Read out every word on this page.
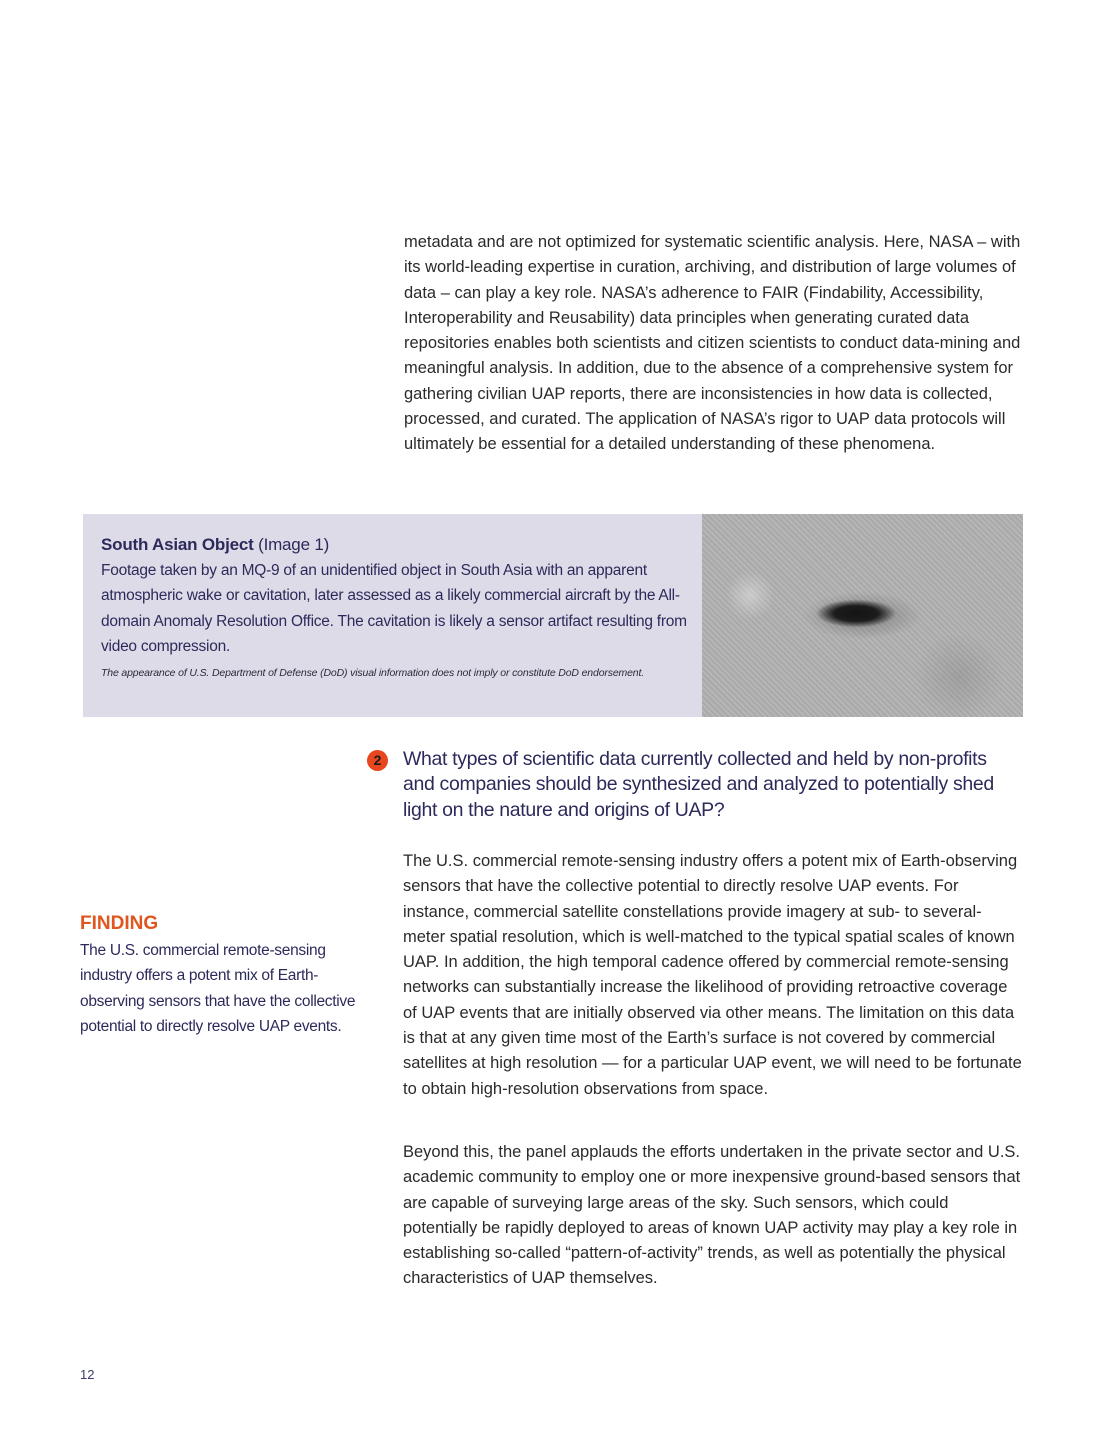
metadata and are not optimized for systematic scientific analysis. Here, NASA – with its world-leading expertise in curation, archiving, and distribution of large volumes of data – can play a key role. NASA’s adherence to FAIR (Findability, Accessibility, Interoperability and Reusability) data principles when generating curated data repositories enables both scientists and citizen scientists to conduct data-mining and meaningful analysis. In addition, due to the absence of a comprehensive system for gathering civilian UAP reports, there are inconsistencies in how data is collected, processed, and curated. The application of NASA’s rigor to UAP data protocols will ultimately be essential for a detailed understanding of these phenomena.

South Asian Object (Image 1)

Footage taken by an MQ-9 of an unidentified object in South Asia with an apparent atmospheric wake or cavitation, later assessed as a likely commercial aircraft by the All-domain Anomaly Resolution Office. The cavitation is likely a sensor artifact resulting from video compression.

The appearance of U.S. Department of Defense (DoD) visual information does not imply or constitute DoD endorsement.
2	What types of scientific data currently collected and held by non-profits and companies should be synthesized and analyzed to potentially shed light on the nature and origins of UAP?

FINDING

The U.S. commercial remote-sensing industry offers a potent mix of Earth-observing sensors that have the collective potential to directly resolve UAP events.

The U.S. commercial remote-sensing industry offers a potent mix of Earth-observing sensors that have the collective potential to directly resolve UAP events. For instance, commercial satellite constellations provide imagery at sub- to several-meter spatial resolution, which is well-matched to the typical spatial scales of known UAP. In addition, the high temporal cadence offered by commercial remote-sensing networks can substantially increase the likelihood of providing retroactive coverage of UAP events that are initially observed via other means. The limitation on this data is that at any given time most of the Earth’s surface is not covered by commercial satellites at high resolution — for a particular UAP event, we will need to be fortunate to obtain high-resolution observations from space.

Beyond this, the panel applauds the efforts undertaken in the private sector and U.S. academic community to employ one or more inexpensive ground-based sensors that are capable of surveying large areas of the sky. Such sensors, which could potentially be rapidly deployed to areas of known UAP activity may play a key role in establishing so-called “pattern-of-activity” trends, as well as potentially the physical characteristics of UAP themselves.

12
